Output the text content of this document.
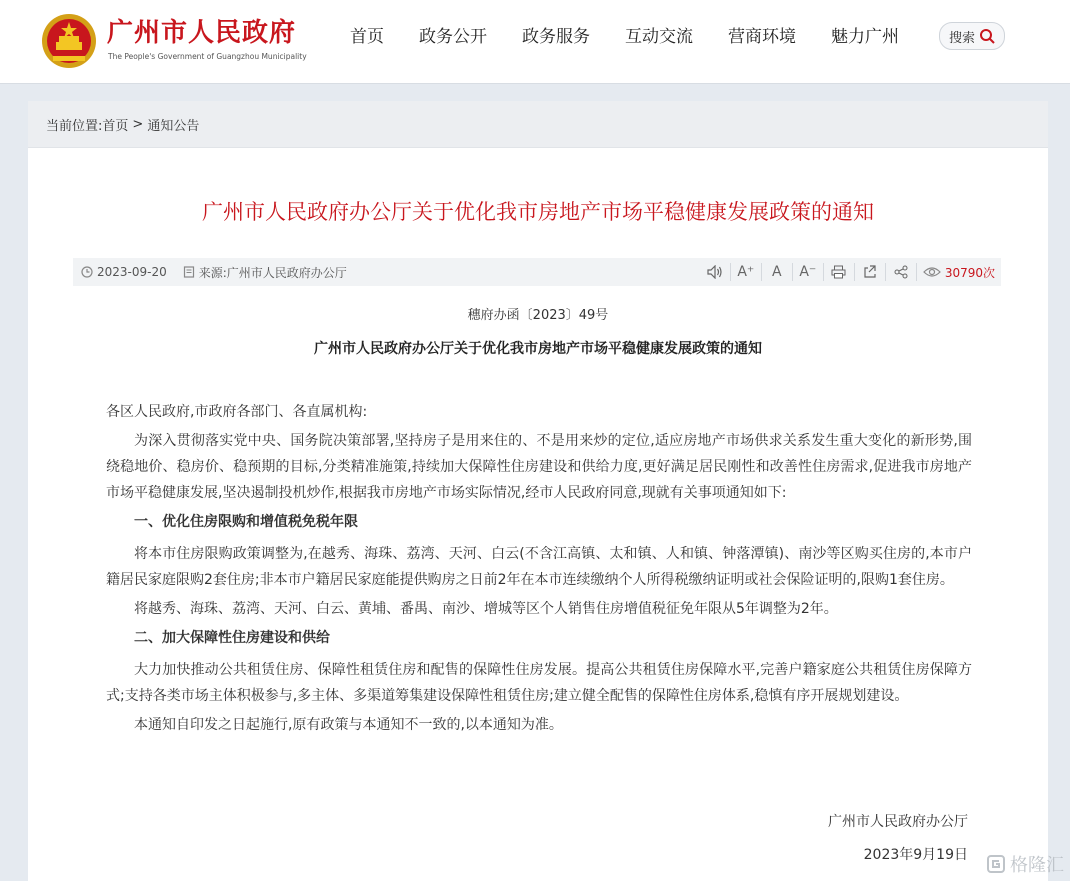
广州市人民政府
The People's Government of Guangzhou Municipality
首页 政务公开 政务服务 互动交流 营商环境 魅力广州	搜索
当前位置: 首页 > 通知公告
广州市人民政府办公厅关于优化我市房地产市场平稳健康发展政策的通知
2023-09-20	来源:广州市人民政府办公厅	A⁺	A	A⁻	30790次
穗府办函〔2023〕49号
广州市人民政府办公厅关于优化我市房地产市场平稳健康发展政策的通知

各区人民政府,市政府各部门、各直属机构:

为深入贯彻落实党中央、国务院决策部署,坚持房子是用来住的、不是用来炒的定位,适应房地产市场供求关系发生重大变化的新形势,围绕稳地价、稳房价、稳预期的目标,分类精准施策,持续加大保障性住房建设和供给力度,更好满足居民刚性和改善性住房需求,促进我市房地产市场平稳健康发展,坚决遏制投机炒作,根据我市房地产市场实际情况,经市人民政府同意,现就有关事项通知如下:

一、优化住房限购和增值税免税年限

将本市住房限购政策调整为,在越秀、海珠、荔湾、天河、白云(不含江高镇、太和镇、人和镇、钟落潭镇)、南沙等区购买住房的,本市户籍居民家庭限购2套住房;非本市户籍居民家庭能提供购房之日前2年在本市连续缴纳个人所得税缴纳证明或社会保险证明的,限购1套住房。

将越秀、海珠、荔湾、天河、白云、黄埔、番禺、南沙、增城等区个人销售住房增值税征免年限从5年调整为2年。

二、加大保障性住房建设和供给

大力加快推动公共租赁住房、保障性租赁住房和配售的保障性住房发展。提高公共租赁住房保障水平,完善户籍家庭公共租赁住房保障方式;支持各类市场主体积极参与,多主体、多渠道筹集建设保障性租赁住房;建立健全配售的保障性住房体系,稳慎有序开展规划建设。

本通知自印发之日起施行,原有政策与本通知不一致的,以本通知为准。

广州市人民政府办公厅
2023年9月19日 格隆汇
